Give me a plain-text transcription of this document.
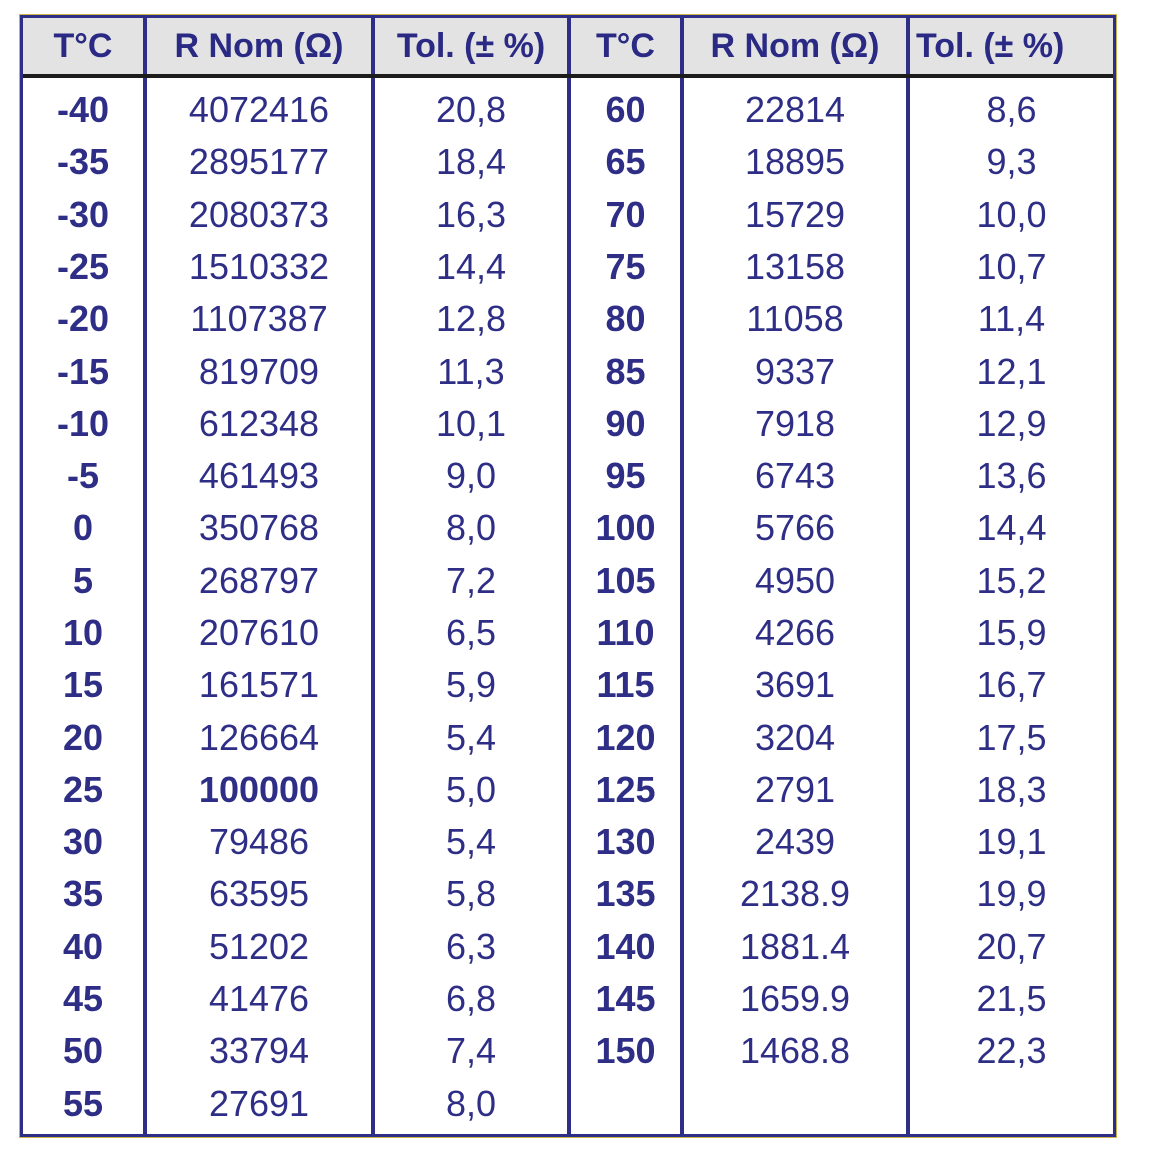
T°C	R Nom (Ω)	Tol. (± %)	T°C	R Nom (Ω)	Tol. (± %)
-40	4072416	20,8	60	22814	8,6
-35	2895177	18,4	65	18895	9,3
-30	2080373	16,3	70	15729	10,0
-25	1510332	14,4	75	13158	10,7
-20	1107387	12,8	80	11058	11,4
-15	819709	11,3	85	9337	12,1
-10	612348	10,1	90	7918	12,9
-5	461493	9,0	95	6743	13,6
0	350768	8,0	100	5766	14,4
5	268797	7,2	105	4950	15,2
10	207610	6,5	110	4266	15,9
15	161571	5,9	115	3691	16,7
20	126664	5,4	120	3204	17,5
25	100000	5,0	125	2791	18,3
30	79486	5,4	130	2439	19,1
35	63595	5,8	135	2138.9	19,9
40	51202	6,3	140	1881.4	20,7
45	41476	6,8	145	1659.9	21,5
50	33794	7,4	150	1468.8	22,3
55	27691	8,0			
